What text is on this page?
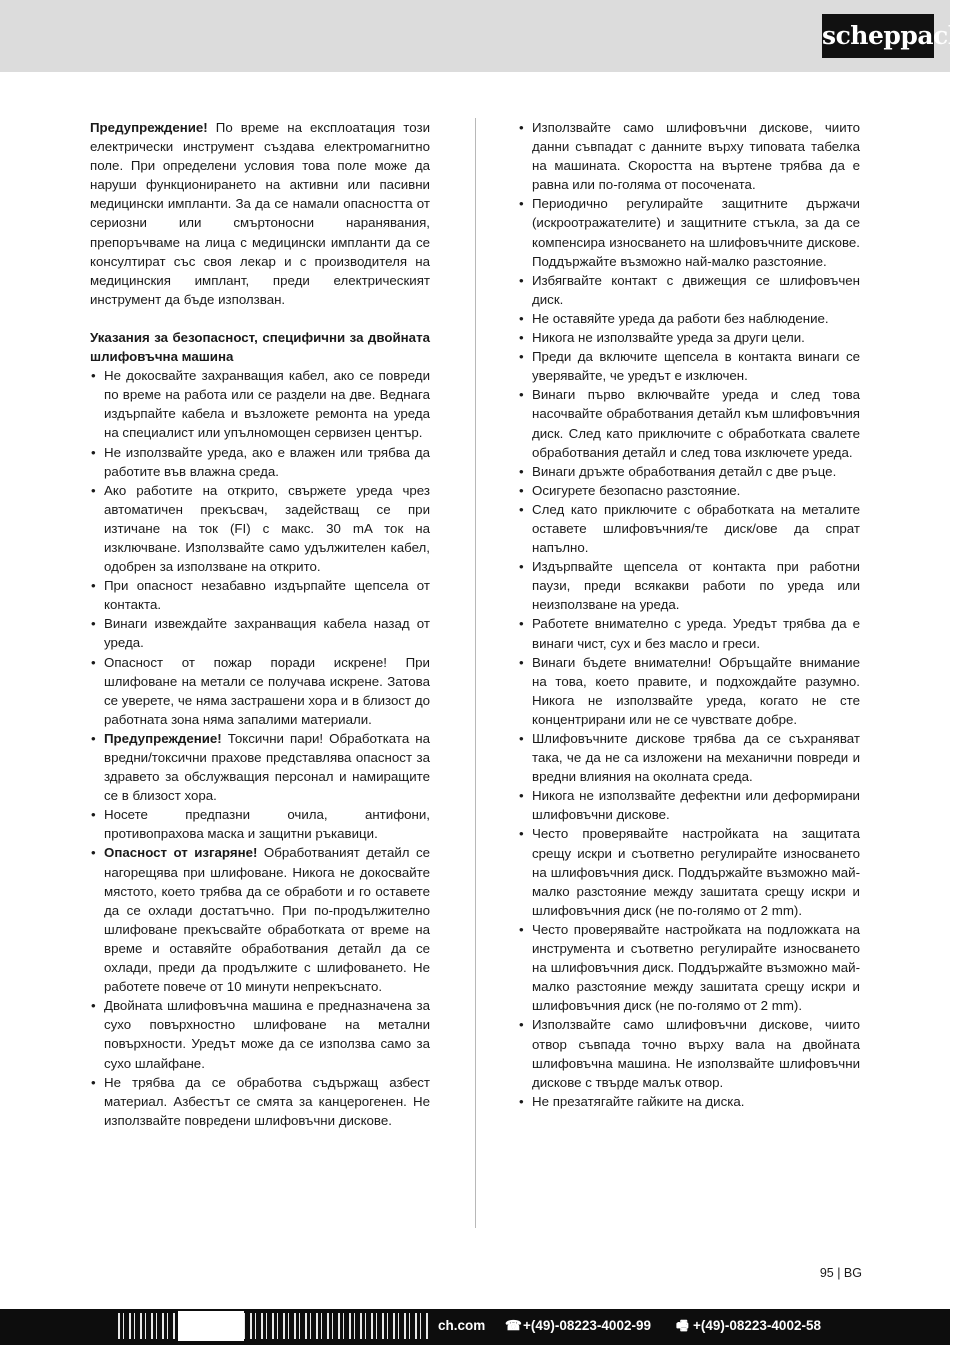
scheppach

Предупреждение! По време на експлоатация този електрически инструмент създава електромагнитно поле. При определени условия това поле може да наруши функционирането на активни или пасивни медицински импланти. За да се намали опасността от сериозни или смъртоносни наранявания, препоръчваме на лица с медицински импланти да се консултират със своя лекар и с производителя на медицинския имплант, преди електрическият инструмент да бъде използван.

Указания за безопасност, специфични за двойната шлифовъчна машина

• Не докосвайте захранващия кабел, ако се повреди по време на работа или се раздели на две. Веднага издърпайте кабела и възложете ремонта на уреда на специалист или упълномощен сервизен център.
• Не използвайте уреда, ако е влажен или трябва да работите във влажна среда.
• Ако работите на открито, свържете уреда чрез автоматичен прекъсвач, задействащ се при изтичане на ток (FI) с макс. 30 mA ток на изключване. Използвайте само удължителен кабел, одобрен за използване на открито.
• При опасност незабавно издърпайте щепсела от контакта.
• Винаги извеждайте захранващия кабела назад от уреда.
• Опасност от пожар поради искрене! При шлифоване на метали се получава искрене. Затова се уверете, че няма застрашени хора и в близост до работната зона няма запалими материали.
• Предупреждение! Токсични пари! Обработката на вредни/токсични прахове представлява опасност за здравето за обслужващия персонал и намиращите се в близост хора.
• Носете предпазни очила, антифони, противопрахова маска и защитни ръкавици.
• Опасност от изгаряне! Обработваният детайл се нагорещява при шлифоване. Никога не докосвайте мястото, което трябва да се обработи и го оставете да се охлади достатъчно. При по-продължително шлифоване прекъсвайте обработката от време на време и оставяйте обработвания детайл да се охлади, преди да продължите с шлифоването. Не работете повече от 10 минути непрекъснато.
• Двойната шлифовъчна машина е предназначена за сухо повърхностно шлифоване на метални повърхности. Уредът може да се използва само за сухо шлайфане.
• Не трябва да се обработва съдържащ азбест материал. Азбестът се смята за канцерогенен. Не използвайте повредени шлифовъчни дискове.
• Използвайте само шлифовъчни дискове, чиито данни съвпадат с данните върху типовата табелка на машината. Скоростта на въртене трябва да е равна или по-голяма от посочената.
• Периодично регулирайте защитните държачи (искроотражателите) и защитните стъкла, за да се компенсира износването на шлифовъчните дискове. Поддържайте възможно най-малко разстояние.
• Избягвайте контакт с движещия се шлифовъчен диск.
• Не оставяйте уреда да работи без наблюдение.
• Никога не използвайте уреда за други цели.
• Преди да включите щепсела в контакта винаги се уверявайте, че уредът е изключен.
• Винаги първо включвайте уреда и след това насочвайте обработвания детайл към шлифовъчния диск. След като приключите с обработката свалете обработвания детайл и след това изключете уреда.
• Винаги дръжте обработвания детайл с две ръце.
• Осигурете безопасно разстояние.
• След като приключите с обработката на металите оставете шлифовъчния/те диск/ове да спрат напълно.
• Издърпвайте щепсела от контакта при работни паузи, преди всякакви работи по уреда или неизползване на уреда.
• Работете внимателно с уреда. Уредът трябва да е винаги чист, сух и без масло и греси.
• Винаги бъдете внимателни! Обръщайте внимание на това, което правите, и подхождайте разумно. Никога не използвайте уреда, когато не сте концентрирани или не се чувствате добре.
• Шлифовъчните дискове трябва да се съхраняват така, че да не са изложени на механични повреди и вредни влияния на околната среда.
• Никога не използвайте дефектни или деформирани шлифовъчни дискове.
• Често проверявайте настройката на защитата срещу искри и съответно регулирайте износването на шлифовъчния диск. Поддържайте възможно май-малко разстояние между зашитата срещу искри и шлифовъчния диск (не по-голямо от 2 mm).
• Често проверявайте настройката на подложката на инструмента и съответно регулирайте износването на шлифовъчния диск. Поддържайте възможно май-малко разстояние между зашитата срещу искри и шлифовъчния диск (не по-голямо от 2 mm).
• Използвайте само шлифовъчни дискове, чиито отвор съвпада точно върху вала на двойната шлифовъчна машина. Не използвайте шлифовъчни дискове с твърде малък отвор.
• Не презатягайте гайките на диска.
95 | BG
ch.com ☎ +(49)-08223-4002-99 🖷 +(49)-08223-4002-58
